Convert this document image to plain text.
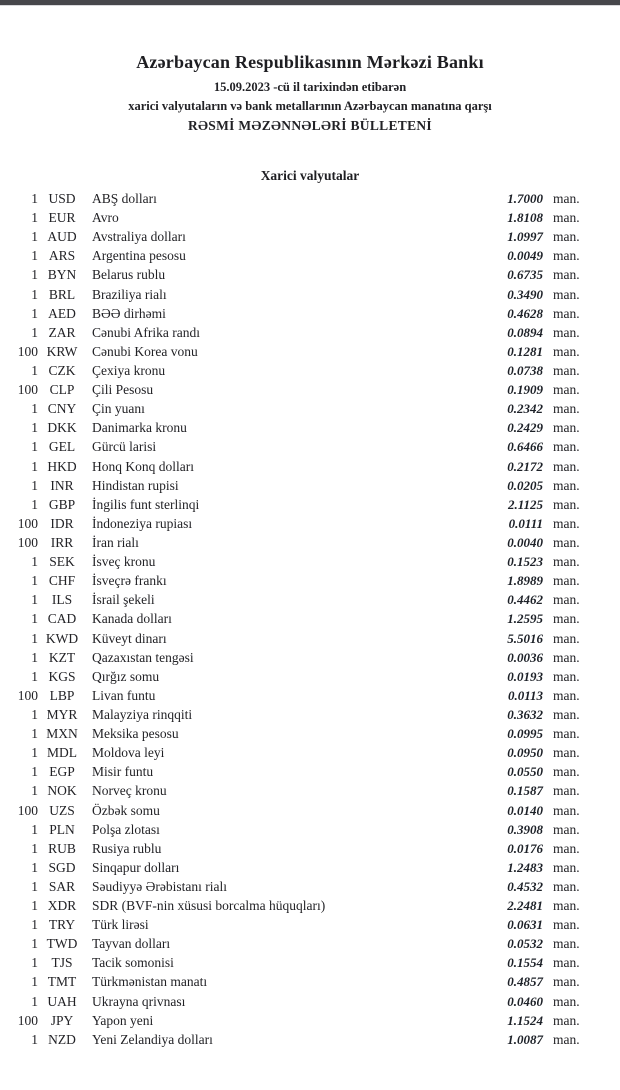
Azərbaycan Respublikasının Mərkəzi Bankı
15.09.2023 -cü il tarixindən etibarən
xarici valyutaların və bank metallarının Azərbaycan manatına qarşı
RƏSMİ MƏZƏNNƏLƏRİ BÜLLETENİ
Xarici valyutalar
1 USD	ABŞ dolları	1.7000 man.
1 EUR	Avro	1.8108 man.
1 AUD	Avstraliya dolları	1.0997 man.
1 ARS	Argentina pesosu	0.0049 man.
1 BYN	Belarus rublu	0.6735 man.
1 BRL	Braziliya rialı	0.3490 man.
1 AED	BƏƏ dirhəmi	0.4628 man.
1 ZAR	Cənubi Afrika randı	0.0894 man.
100 KRW	Cənubi Korea vonu	0.1281 man.
1 CZK	Çexiya kronu	0.0738 man.
100 CLP	Çili Pesosu	0.1909 man.
1 CNY	Çin yuanı	0.2342 man.
1 DKK	Danimarka kronu	0.2429 man.
1 GEL	Gürcü larisi	0.6466 man.
1 HKD	Honq Konq dolları	0.2172 man.
1 INR	Hindistan rupisi	0.0205 man.
1 GBP	İngilis funt sterlinqi	2.1125 man.
100 IDR	İndoneziya rupiası	0.0111 man.
100 IRR	İran rialı	0.0040 man.
1 SEK	İsveç kronu	0.1523 man.
1 CHF	İsveçrə frankı	1.8989 man.
1	ILS	İsrail şekeli	0.4462 man.
1 CAD	Kanada dolları	1.2595 man.
1 KWD	Küveyt dinarı	5.5016 man.
1 KZT	Qazaxıstan tengəsi	0.0036 man.
1 KGS	Qırğız somu	0.0193 man.
100 LBP	Livan funtu	0.0113 man.
1 MYR	Malayziya rinqqiti	0.3632 man.
1 MXN	Meksika pesosu	0.0995 man.
1 MDL	Moldova leyi	0.0950 man.
1 EGP	Misir funtu	0.0550 man.
1 NOK	Norveç kronu	0.1587 man.
100 UZS	Özbək somu	0.0140 man.
1 PLN	Polşa zlotası	0.3908 man.
1 RUB	Rusiya rublu	0.0176 man.
1 SGD	Sinqapur dolları	1.2483 man.
1 SAR	Səudiyyə Ərəbistanı rialı	0.4532 man.
1 XDR	SDR (BVF-nin xüsusi borcalma hüquqları)	2.2481 man.
1 TRY	Türk lirəsi	0.0631 man.
1 TWD	Tayvan dolları	0.0532 man.
1 TJS	Tacik somonisi	0.1554 man.
1 TMT	Türkmənistan manatı	0.4857 man.
1 UAH	Ukrayna qrivnası	0.0460 man.
100 JPY	Yapon yeni	1.1524 man.
1 NZD	Yeni Zelandiya dolları	1.0087 man.
